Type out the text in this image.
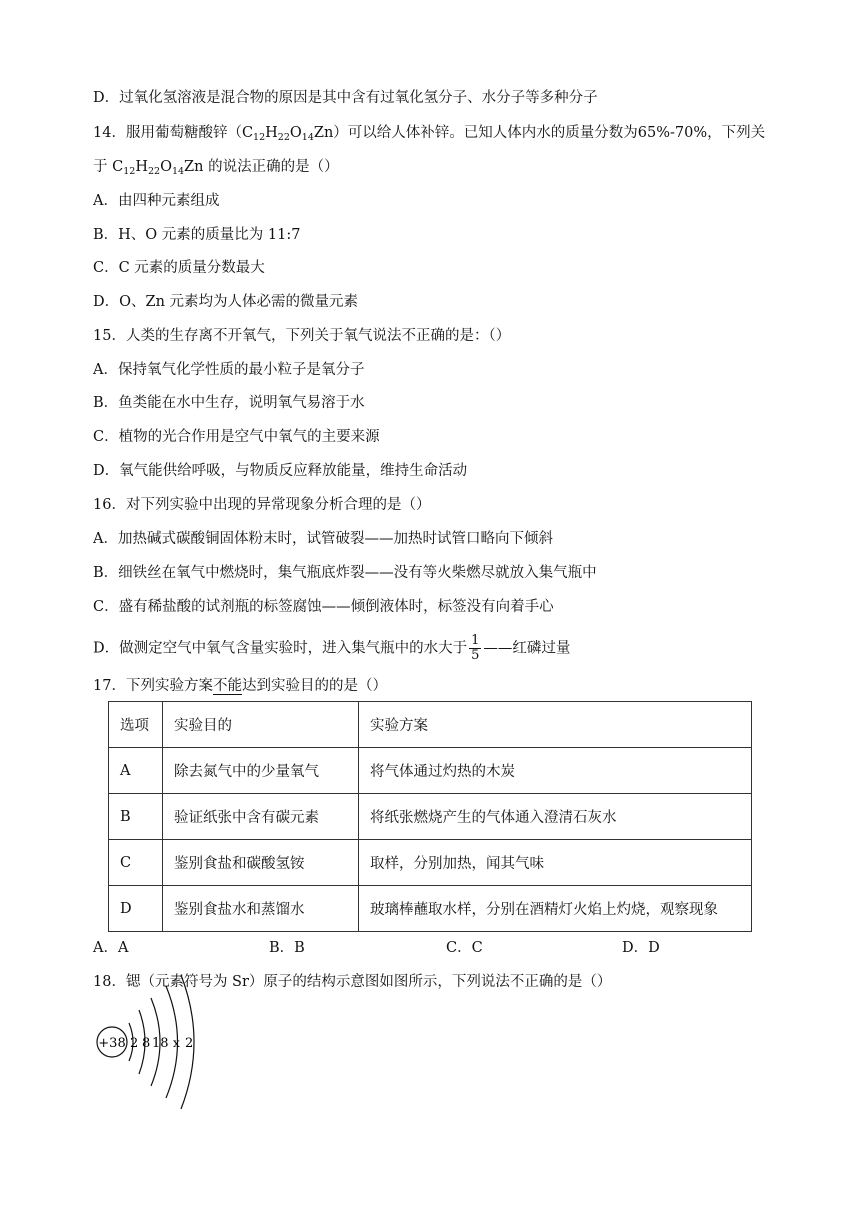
D．过氧化氢溶液是混合物的原因是其中含有过氧化氢分子、水分子等多种分子
14．服用葡萄糖酸锌$(C_{12}H_{22}O_{14}Zn)$可以给人体补锌。已知人体内水的质量分数为65%-70%，下列关
于 $C_{12}H_{22}O_{14}Zn$ 的说法正确的是（）
A．由四种元素组成
B．H、O 元素的质量比为 11:7
C．C 元素的质量分数最大
D．O、Zn 元素均为人体必需的微量元素
15．人类的生存离不开氧气，下列关于氧气说法不正确的是：（）
A．保持氧气化学性质的最小粒子是氧分子
B．鱼类能在水中生存，说明氧气易溶于水
C．植物的光合作用是空气中氧气的主要来源
D．氧气能供给呼吸，与物质反应释放能量，维持生命活动
16．对下列实验中出现的异常现象分析合理的是（）
A．加热碱式碳酸铜固体粉末时，试管破裂——加热时试管口略向下倾斜
B．细铁丝在氧气中燃烧时，集气瓶底炸裂——没有等火柴燃尽就放入集气瓶中
C．盛有稀盐酸的试剂瓶的标签腐蚀——倾倒液体时，标签没有向着手心
D．做测定空气中氧气含量实验时，进入集气瓶中的水大于 $\frac{1}{5}$ ——红磷过量
17．下列实验方案不能达到实验目的的是（）
选项	实验目的	实验方案
A	除去氮气中的少量氧气	将气体通过灼热的木炭
B	验证纸张中含有碳元素	将纸张燃烧产生的气体通入澄清石灰水
C	鉴别食盐和碳酸氢铵	取样，分别加热，闻其气味
D	鉴别食盐水和蒸馏水	玻璃棒蘸取水样，分别在酒精灯火焰上灼烧，观察现象
A．A	B．B	C．C	D．D
18．锶（元素符号为 Sr）原子的结构示意图如图所示，下列说法不正确的是（）
+38 2 8 18 x 2
